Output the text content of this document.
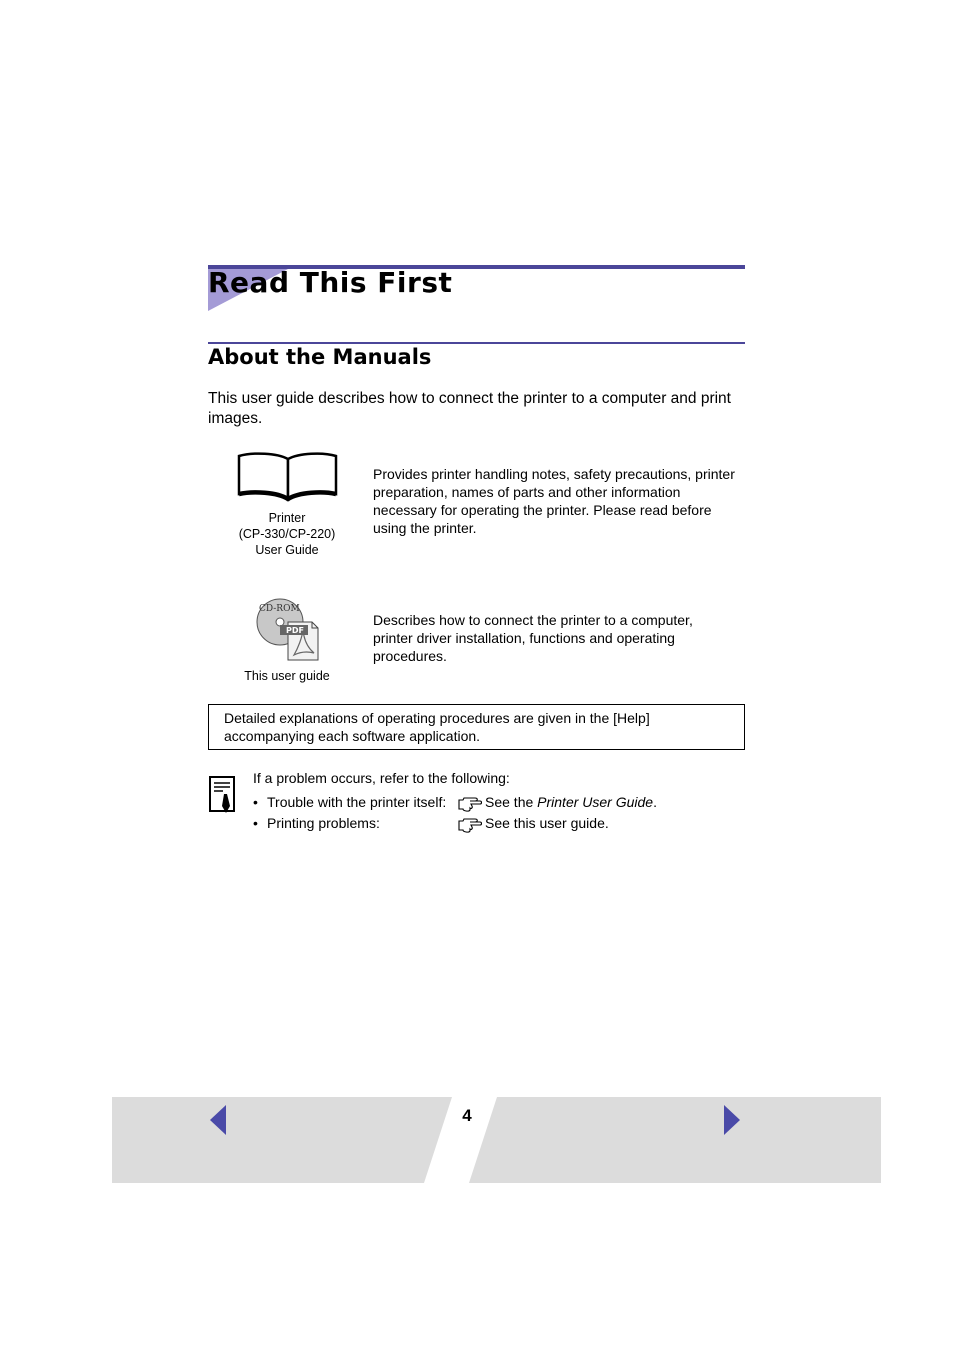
Read This First
About the Manuals
This user guide describes how to connect the printer to a computer and print images.
Printer
(CP-330/CP-220)
User Guide
Provides printer handling notes, safety precautions, printer preparation, names of parts and other information necessary for operating the printer. Please read before using the printer.
CD-ROM
PDF
This user guide
Describes how to connect the printer to a computer, printer driver installation, functions and operating procedures.
Detailed explanations of operating procedures are given in the [Help] accompanying each software application.
If a problem occurs, refer to the following:
• Trouble with the printer itself:	See the Printer User Guide.
• Printing problems:	See this user guide.
4
